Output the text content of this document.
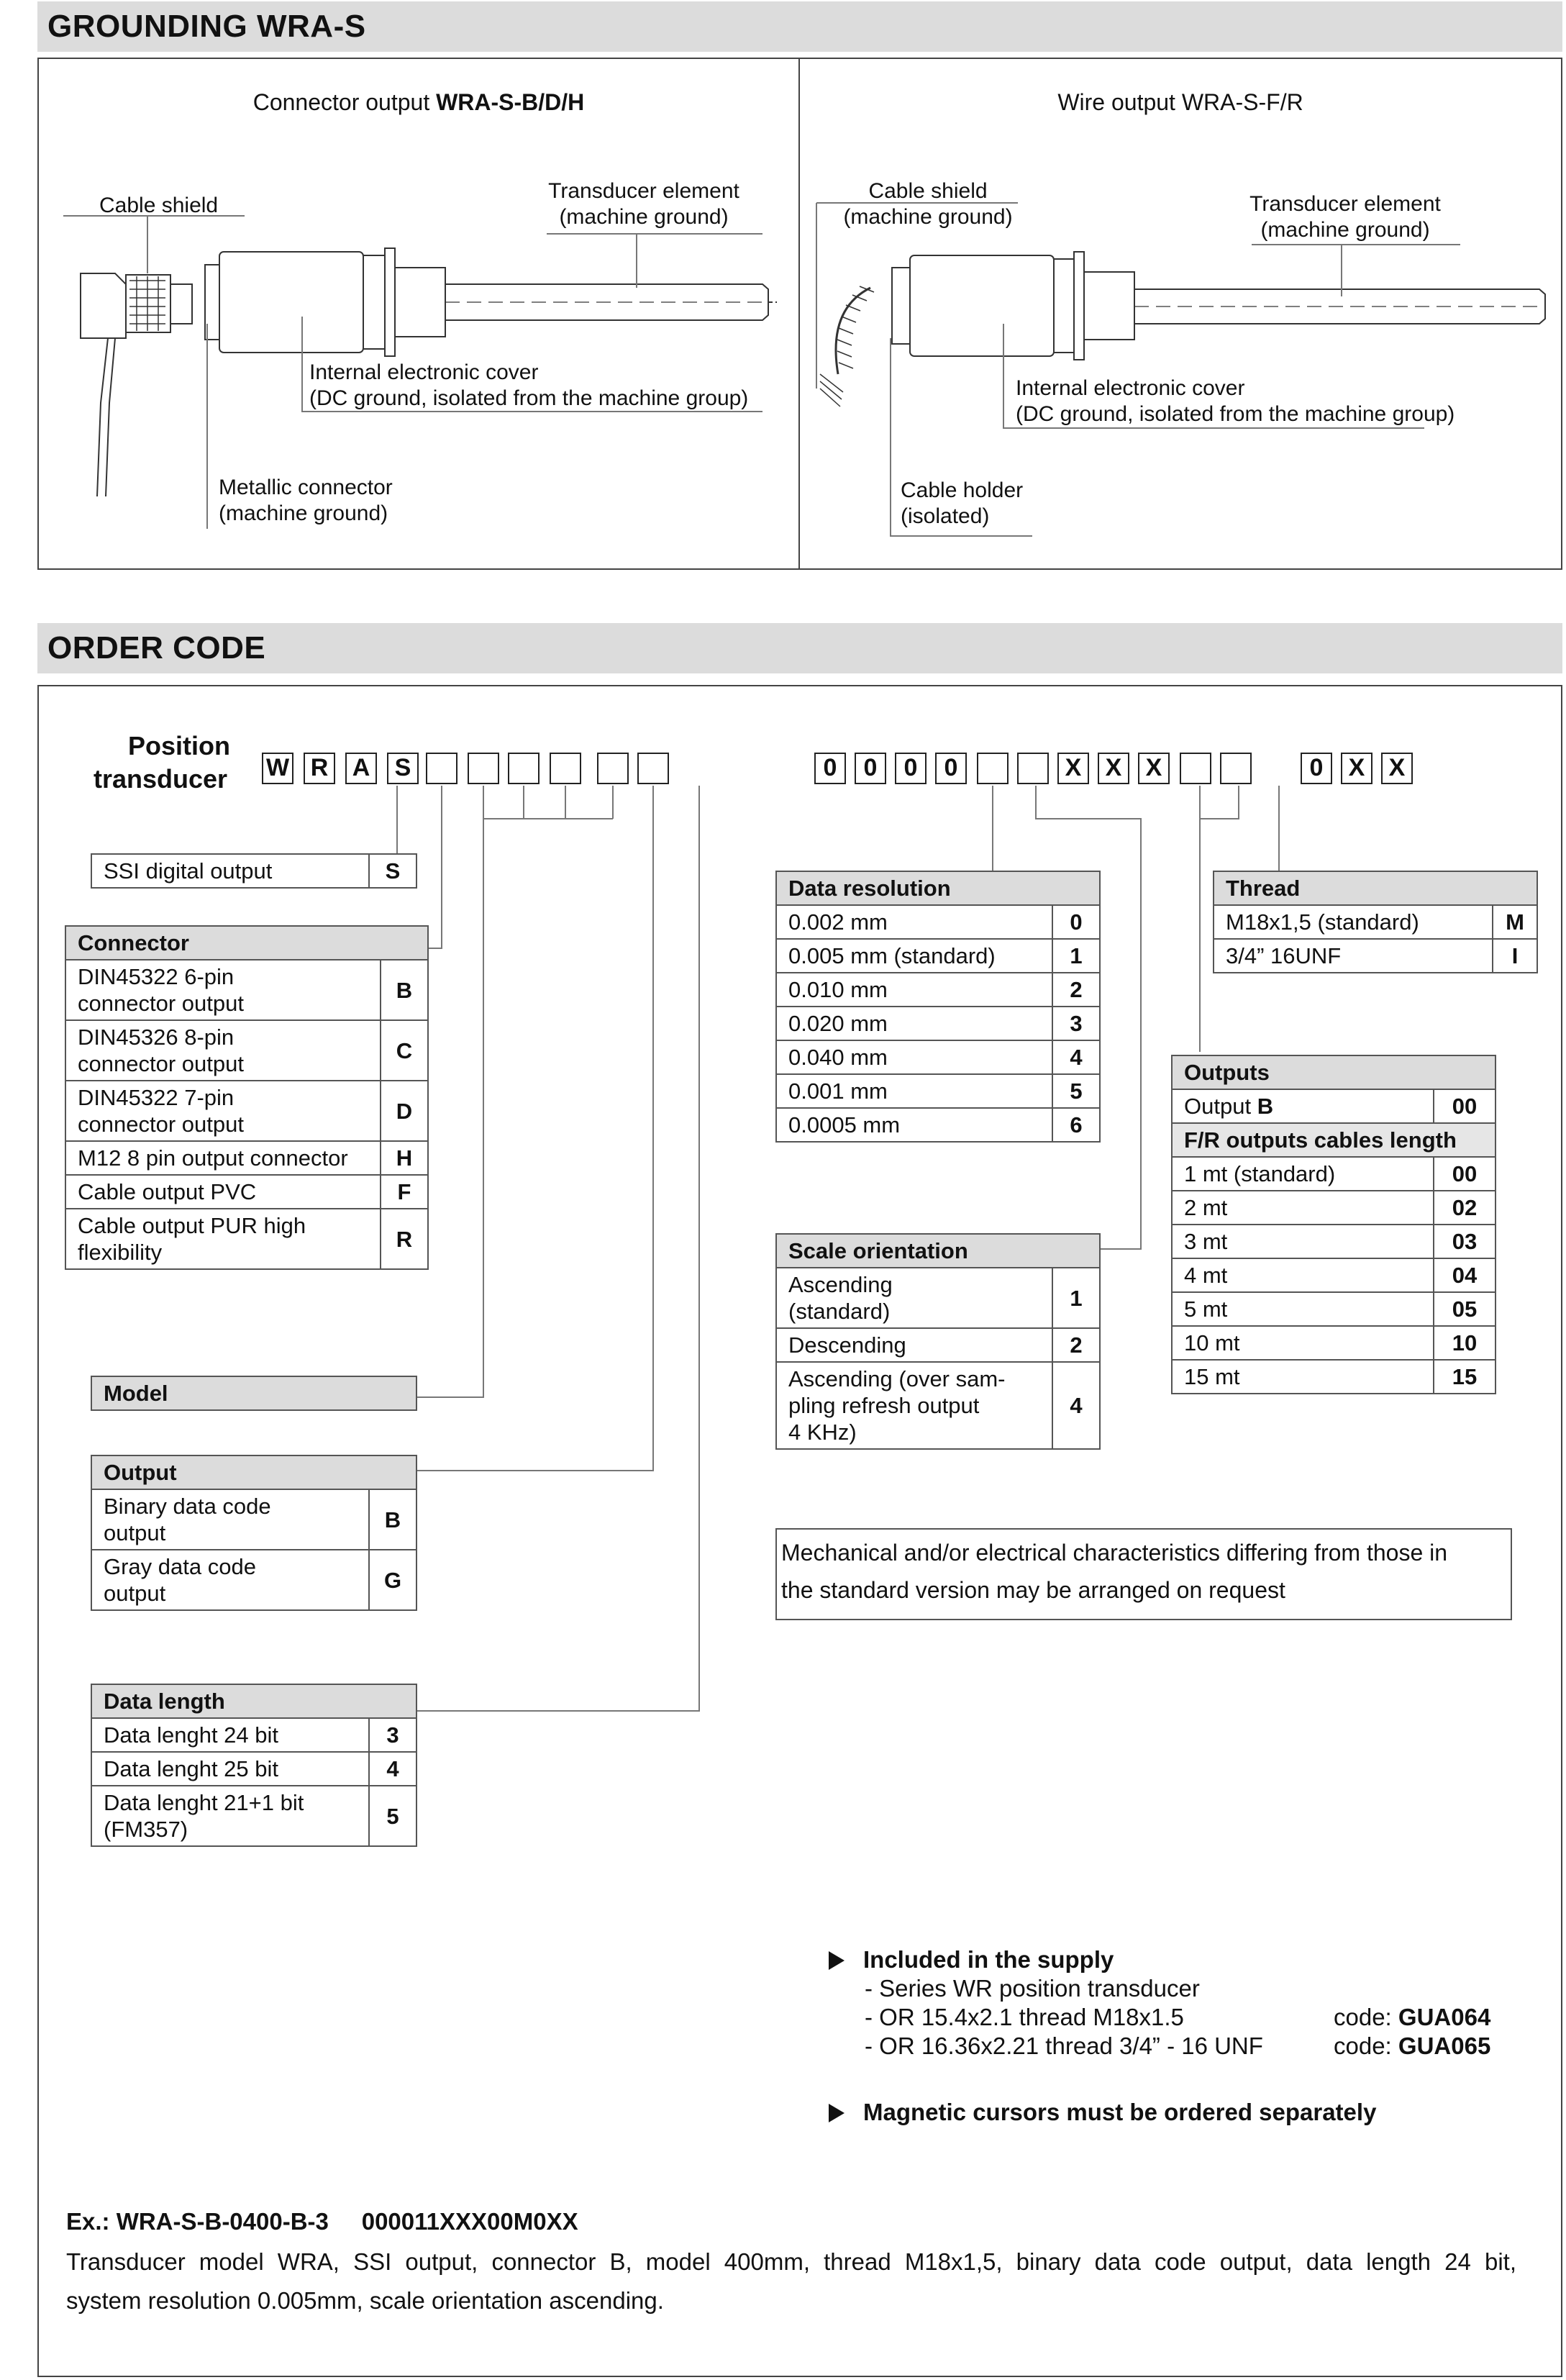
GROUNDING WRA-S
Connector output WRA-S-B/D/H
Cable shield
Transducer element
(machine ground)
Internal electronic cover
(DC ground, isolated from the machine group)
Metallic connector
(machine ground)
Wire output WRA-S-F/R
Cable shield
(machine ground)
Transducer element
(machine ground)
Internal electronic cover
(DC ground, isolated from the machine group)
Cable holder
(isolated)
ORDER CODE
Position
transducer W R A	S	0	0	0	0	X X X	0	X X
SSI digital output	S
Connector	

DIN45322 6-pin
connector output	B

DIN45326 8-pin
connector output	C

DIN45322 7-pin
connector output	D

M12 8 pin output connector	H

Cable output PVC	F

Cable output PUR high
flexibility	R
Model
Output	

Binary data code
output	B

Gray data code
output	G
Data length	

Data lenght 24 bit	3

Data lenght 25 bit	4

Data lenght 21+1 bit
(FM357)	5
Data resolution	

0.002 mm	0

0.005 mm (standard)	1

0.010 mm	2

0.020 mm	3

0.040 mm	4

0.001 mm	5

0.0005 mm	6
Scale orientation	

Ascending
(standard)	1

Descending	2

Ascending (over sam-
pling refresh output
4 KHz)	4
Thread	

M18x1,5 (standard)	M

3/4” 16UNF	I
Outputs	
Output B	00
F/R outputs cables length	
1 mt (standard)	00
2 mt	02
3 mt	03
4 mt	04
5 mt	05
10 mt	10
15 mt	15
Mechanical and/or electrical characteristics differing from those in
the standard version may be arranged on request
Included in the supply
- Series WR position transducer
- OR 15.4x2.1 thread M18x1.5	code: GUA064
- OR 16.36x2.21 thread 3/4” - 16 UNF	code: GUA065
Magnetic cursors must be ordered separately
Ex.: WRA-S-B-0400-B-3     000011XXX00M0XX
Transducer model WRA, SSI output, connector B, model 400mm, thread M18x1,5, binary data code output, data length 24 bit,
system resolution 0.005mm, scale orientation ascending.
